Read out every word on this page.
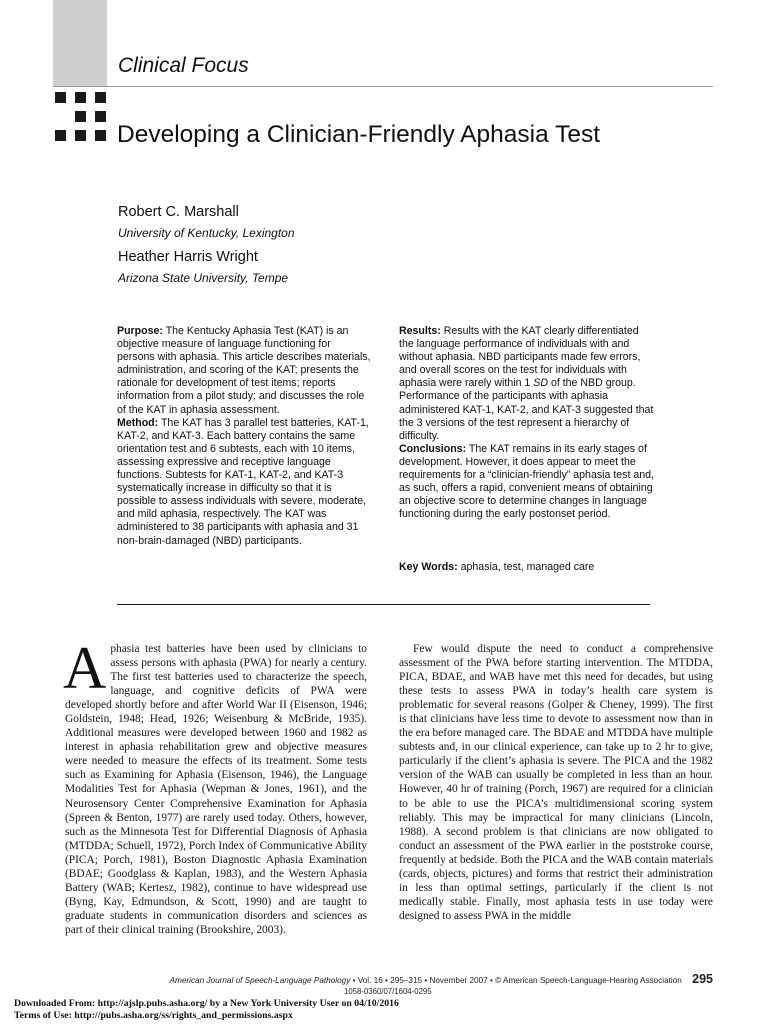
Clinical Focus
Developing a Clinician-Friendly Aphasia Test
Robert C. Marshall
University of Kentucky, Lexington
Heather Harris Wright
Arizona State University, Tempe

Purpose: The Kentucky Aphasia Test (KAT) is an objective measure of language functioning for persons with aphasia. This article describes materials, administration, and scoring of the KAT; presents the rationale for development of test items; reports information from a pilot study; and discusses the role of the KAT in aphasia assessment.

Method: The KAT has 3 parallel test batteries, KAT-1, KAT-2, and KAT-3. Each battery contains the same orientation test and 6 subtests, each with 10 items, assessing expressive and receptive language functions. Subtests for KAT-1, KAT-2, and KAT-3 systematically increase in difficulty so that it is possible to assess individuals with severe, moderate, and mild aphasia, respectively. The KAT was administered to 38 participants with aphasia and 31 non-brain-damaged (NBD) participants.

Results: Results with the KAT clearly differentiated the language performance of individuals with and without aphasia. NBD participants made few errors, and overall scores on the test for individuals with aphasia were rarely within 1 SD of the NBD group. Performance of the participants with aphasia administered KAT-1, KAT-2, and KAT-3 suggested that the 3 versions of the test represent a hierarchy of difficulty.

Conclusions: The KAT remains in its early stages of development. However, it does appear to meet the requirements for a “clinician-friendly” aphasia test and, as such, offers a rapid, convenient means of obtaining an objective score to determine changes in language functioning during the early postonset period.

Key Words: aphasia, test, managed care

Aphasia test batteries have been used by clinicians to assess persons with aphasia (PWA) for nearly a century. The first test batteries used to characterize the speech, language, and cognitive deficits of PWA were developed shortly before and after World War II (Eisenson, 1946; Goldstein, 1948; Head, 1926; Weisenburg & McBride, 1935). Additional measures were developed between 1960 and 1982 as interest in aphasia rehabilitation grew and objective measures were needed to measure the effects of its treatment. Some tests such as Examining for Aphasia (Eisenson, 1946), the Language Modalities Test for Aphasia (Wepman & Jones, 1961), and the Neurosensory Center Comprehensive Examination for Aphasia (Spreen & Benton, 1977) are rarely used today. Others, however, such as the Minnesota Test for Differential Diagnosis of Aphasia (MTDDA; Schuell, 1972), Porch Index of Communicative Ability (PICA; Porch, 1981), Boston Diagnostic Aphasia Examination (BDAE; Goodglass & Kaplan, 1983), and the Western Aphasia Battery (WAB; Kertesz, 1982), continue to have widespread use (Byng, Kay, Edmundson, & Scott, 1990) and are taught to graduate students in communication disorders and sciences as part of their clinical training (Brookshire, 2003).

Few would dispute the need to conduct a comprehensive assessment of the PWA before starting intervention. The MTDDA, PICA, BDAE, and WAB have met this need for decades, but using these tests to assess PWA in today’s health care system is problematic for several reasons (Golper & Cheney, 1999). The first is that clinicians have less time to devote to assessment now than in the era before managed care. The BDAE and MTDDA have multiple subtests and, in our clinical experience, can take up to 2 hr to give, particularly if the client’s aphasia is severe. The PICA and the 1982 version of the WAB can usually be completed in less than an hour. However, 40 hr of training (Porch, 1967) are required for a clinician to be able to use the PICA’s multidimensional scoring system reliably. This may be impractical for many clinicians (Lincoln, 1988). A second problem is that clinicians are now obligated to conduct an assessment of the PWA earlier in the poststroke course, frequently at bedside. Both the PICA and the WAB contain materials (cards, objects, pictures) and forms that restrict their administration in less than optimal settings, particularly if the client is not medically stable. Finally, most aphasia tests in use today were designed to assess PWA in the middle

American Journal of Speech-Language Pathology • Vol. 16 • 295–315 • November 2007 • © American Speech-Language-Hearing Association 295
1058-0360/07/1604-0295
Downloaded From: http://ajslp.pubs.asha.org/ by a New York University User on 04/10/2016
Terms of Use: http://pubs.asha.org/ss/rights_and_permissions.aspx
